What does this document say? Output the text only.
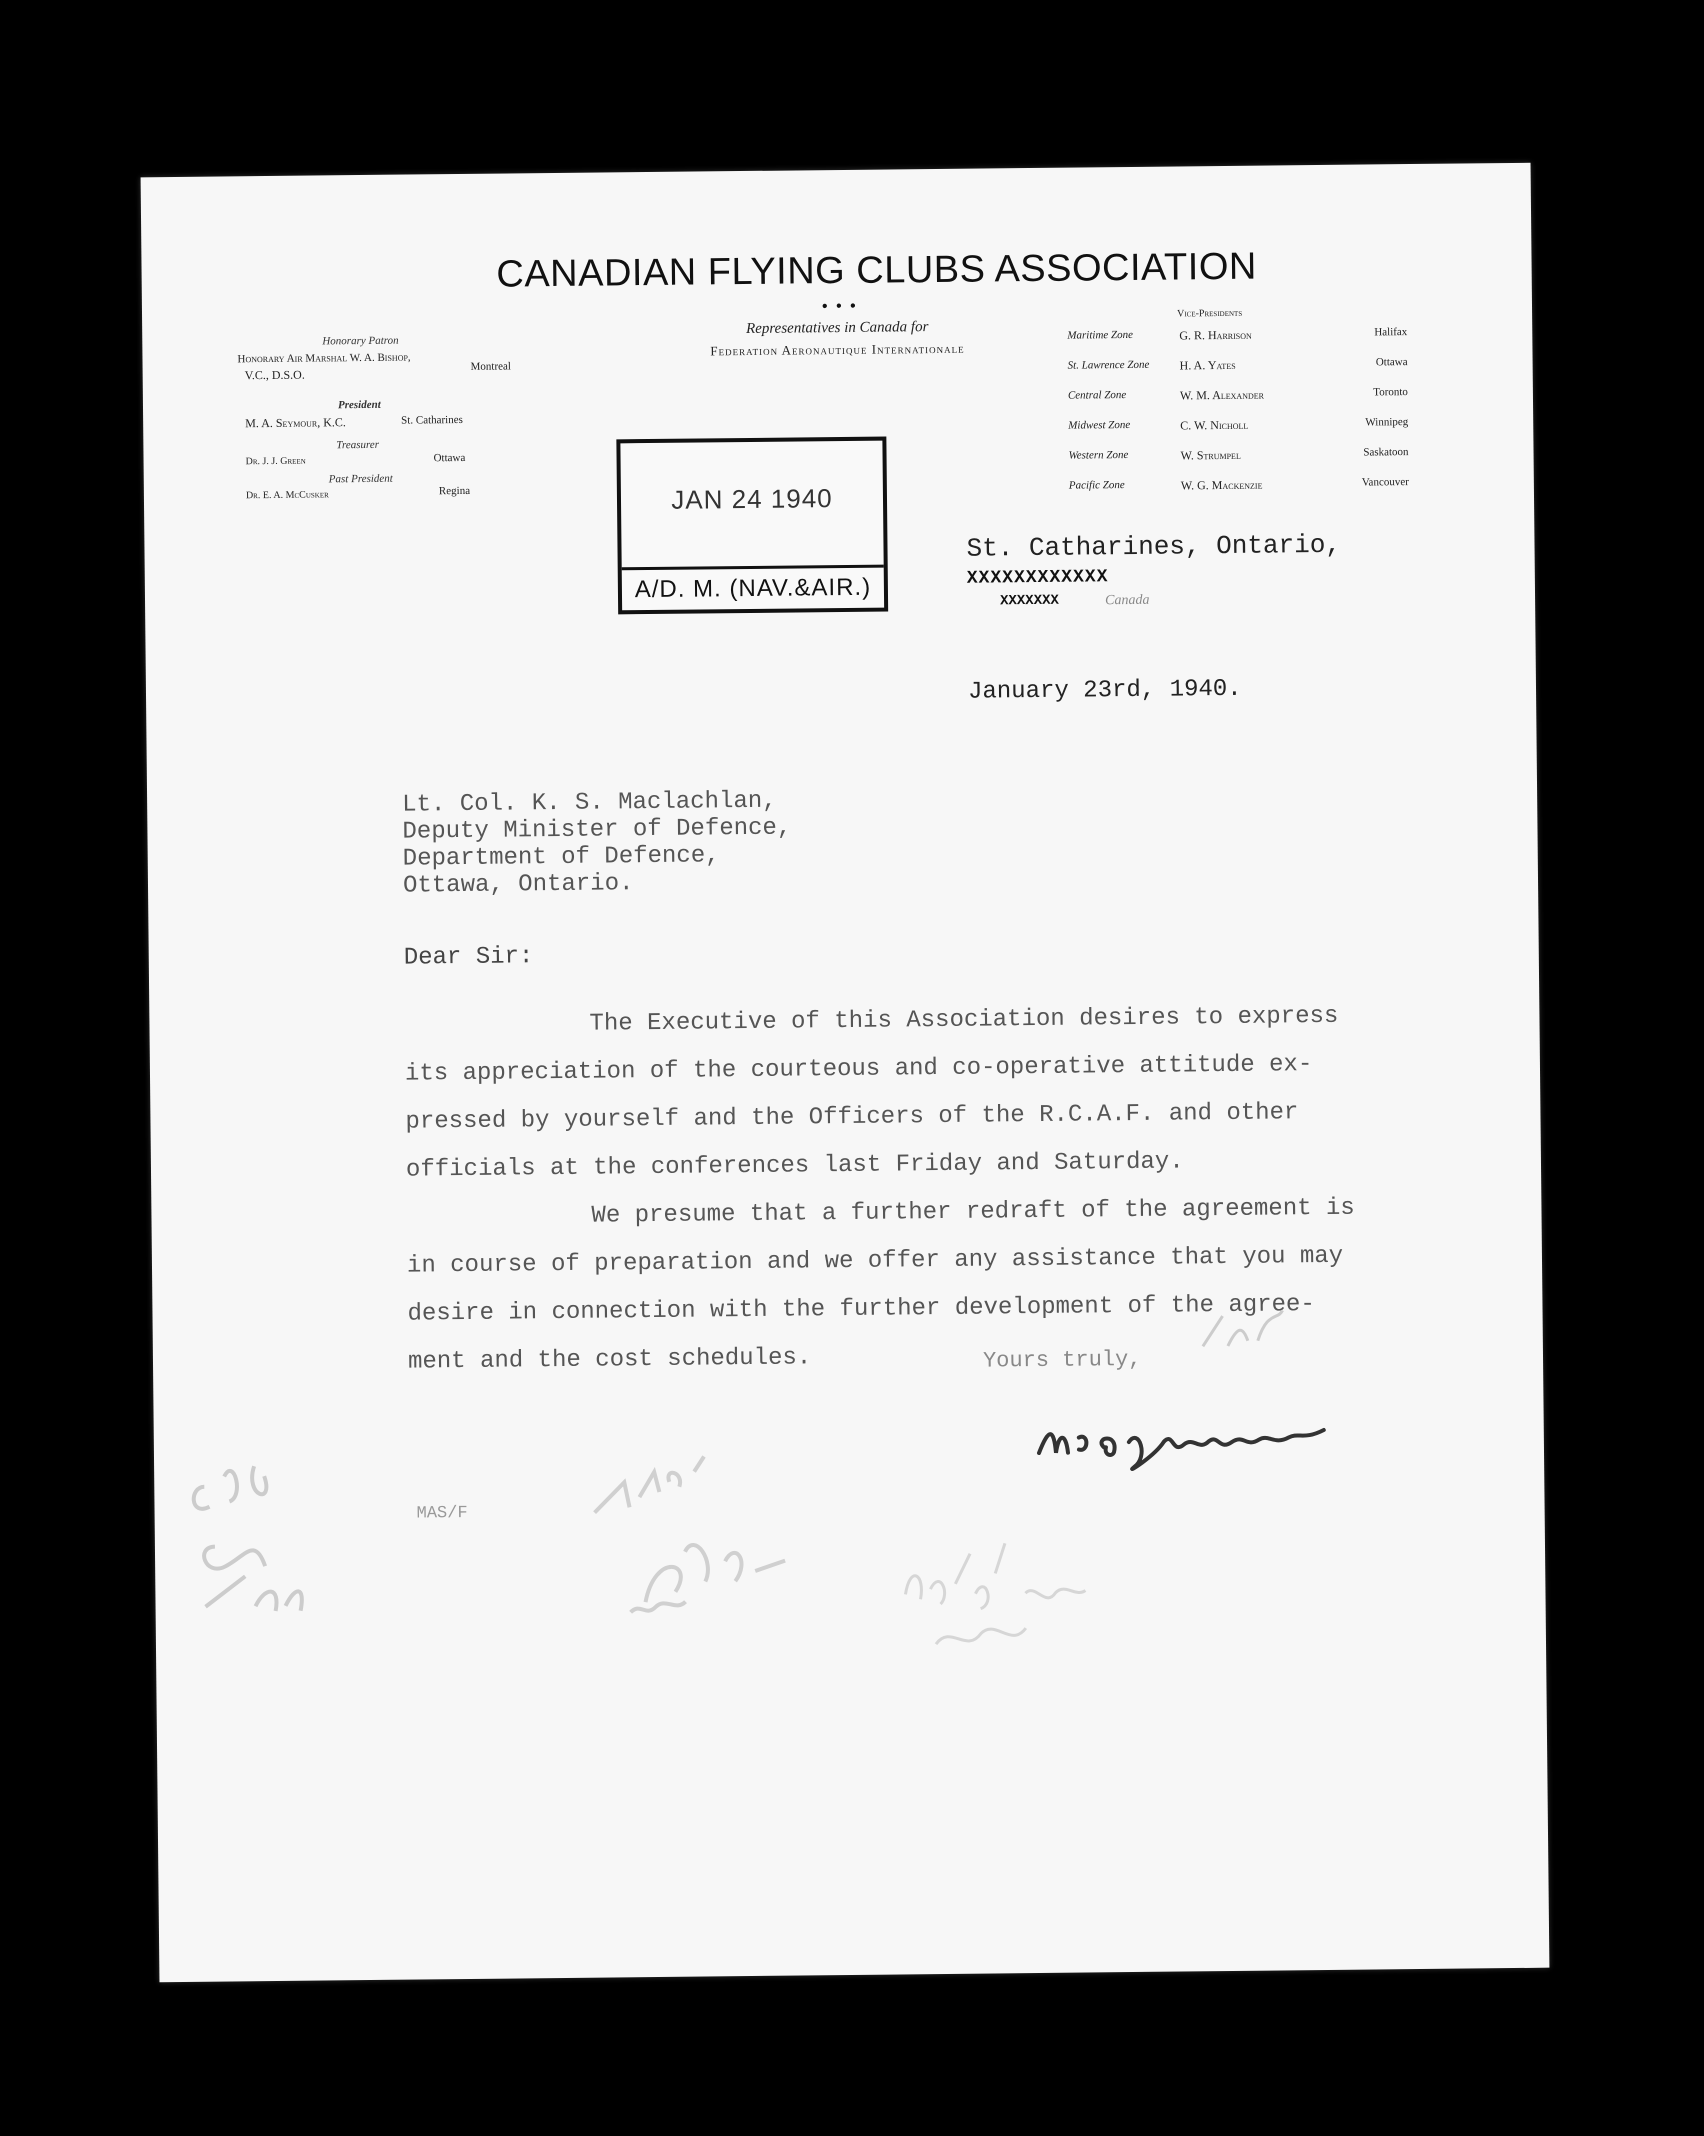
CANADIAN FLYING CLUBS ASSOCIATION
• • •
Representatives in Canada for
Federation Aeronautique Internationale
Honorary Patron
Honorary Air Marshal W. A. Bishop,
V.C., D.S.O.
Montreal
President
M. A. Seymour, K.C.	St. Catharines
Treasurer
Dr. J. J. Green	Ottawa
Past President
Dr. E. A. McCusker	Regina
Vice-Presidents
Maritime Zone	G. R. Harrison	Halifax
St. Lawrence Zone	H. A. Yates	Ottawa
Central Zone	W. M. Alexander	Toronto
Midwest Zone	C. W. Nicholl	Winnipeg
Western Zone	W. Strumpel	Saskatoon
Pacific Zone	W. G. Mackenzie	Vancouver
JAN 24 1940
A/D. M. (NAV.&AIR.)
St. Catharines, Ontario,
XXXXXXXXXXXX
XXXXXXX	Canada
January 23rd, 1940.
Lt. Col. K. S. Maclachlan,
Deputy Minister of Defence,
Department of Defence,
Ottawa, Ontario.
Dear Sir:
The Executive of this Association desires to express
its appreciation of the courteous and co-operative attitude ex-
pressed by yourself and the Officers of the R.C.A.F. and other
officials at the conferences last Friday and Saturday.
We presume that a further redraft of the agreement is
in course of preparation and we offer any assistance that you may
desire in connection with the further development of the agree-
ment and the cost schedules.	Yours truly,
MAS/F
